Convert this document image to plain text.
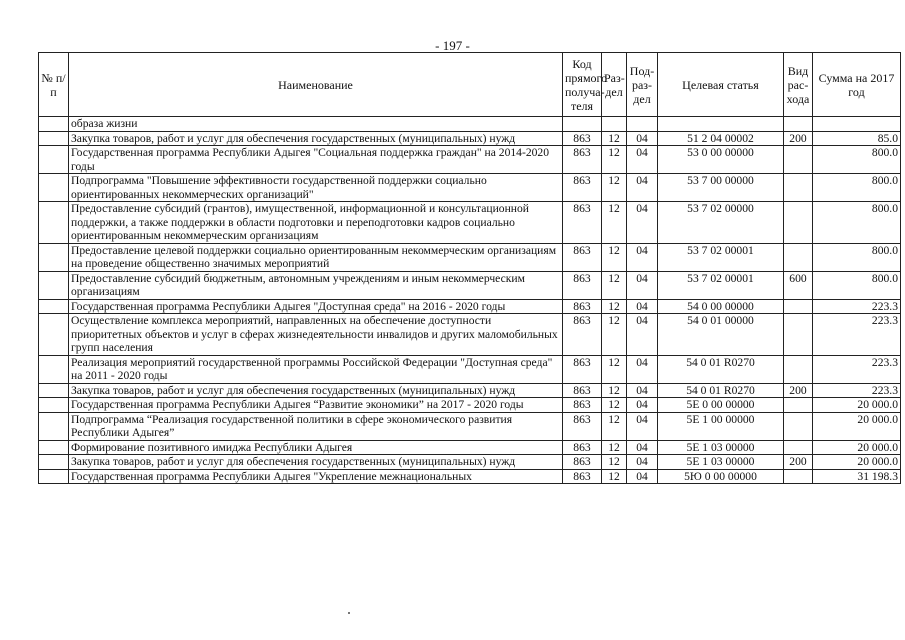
- 197 -
№ п/п	Наименование	Код прямого получа-теля	Раз-дел	Под-раз-дел	Целевая статья	Вид рас-хода	Сумма на 2017 год
	образа жизни						
	Закупка товаров, работ и услуг для обеспечения государственных (муниципальных) нужд	863	12	04	51 2 04 00002	200	85.0
	Государственная программа Республики Адыгея "Социальная поддержка граждан" на 2014-2020 годы	863	12	04	53 0 00 00000		800.0
	Подпрограмма "Повышение эффективности государственной поддержки социально ориентированных некоммерческих организаций"	863	12	04	53 7 00 00000		800.0
	Предоставление субсидий (грантов), имущественной, информационной и консультационной поддержки, а также поддержки в области подготовки и переподготовки кадров социально ориентированным некоммерческим организациям	863	12	04	53 7 02 00000		800.0
	Предоставление целевой поддержки социально ориентированным некоммерческим организациям на проведение общественно значимых мероприятий	863	12	04	53 7 02 00001		800.0
	Предоставление субсидий бюджетным, автономным учреждениям и иным некоммерческим организациям	863	12	04	53 7 02 00001	600	800.0
	Государственная программа Республики Адыгея "Доступная среда" на 2016 - 2020 годы	863	12	04	54 0 00 00000		223.3
	Осуществление комплекса мероприятий, направленных на обеспечение доступности приоритетных объектов и услуг в сферах жизнедеятельности инвалидов и других маломобильных групп населения	863	12	04	54 0 01 00000		223.3
	Реализация мероприятий государственной программы Российской Федерации "Доступная среда" на 2011 - 2020 годы	863	12	04	54 0 01 R0270		223.3
	Закупка товаров, работ и услуг для обеспечения государственных (муниципальных) нужд	863	12	04	54 0 01 R0270	200	223.3
	Государственная программа Республики Адыгея “Развитие экономики” на 2017 - 2020 годы	863	12	04	5Е 0 00 00000		20 000.0
	Подпрограмма “Реализация государственной политики в сфере экономического развития Республики Адыгея”	863	12	04	5Е 1 00 00000		20 000.0
	Формирование позитивного имиджа Республики Адыгея	863	12	04	5Е 1 03 00000		20 000.0
	Закупка товаров, работ и услуг для обеспечения государственных (муниципальных) нужд	863	12	04	5Е 1 03 00000	200	20 000.0
	Государственная программа Республики Адыгея "Укрепление межнациональных	863	12	04	5Ю 0 00 00000		31 198.3
